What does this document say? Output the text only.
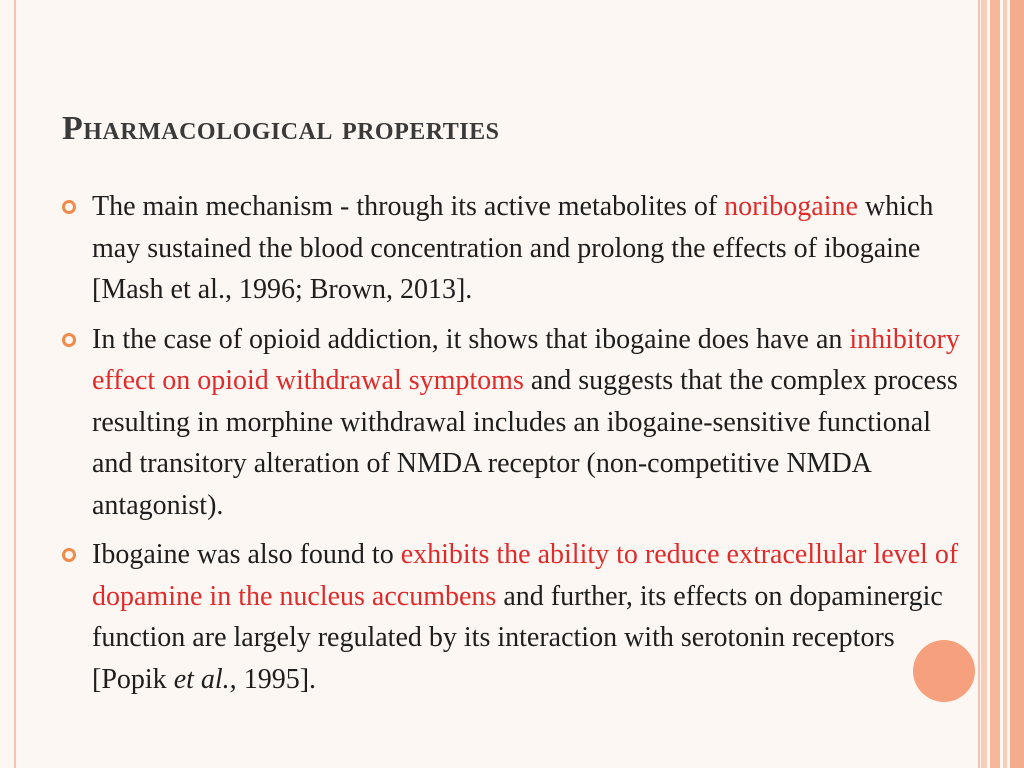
Pharmacological properties
The main mechanism - through its active metabolites of noribogaine which may sustained the blood concentration and prolong the effects of ibogaine [Mash et al., 1996; Brown, 2013].
In the case of opioid addiction, it shows that ibogaine does have an inhibitory effect on opioid withdrawal symptoms and suggests that the complex process resulting in morphine withdrawal includes an ibogaine-sensitive functional and transitory alteration of NMDA receptor (non-competitive NMDA antagonist).
Ibogaine was also found to exhibits the ability to reduce extracellular level of dopamine in the nucleus accumbens and further, its effects on dopaminergic function are largely regulated by its interaction with serotonin receptors [Popik et al., 1995].
